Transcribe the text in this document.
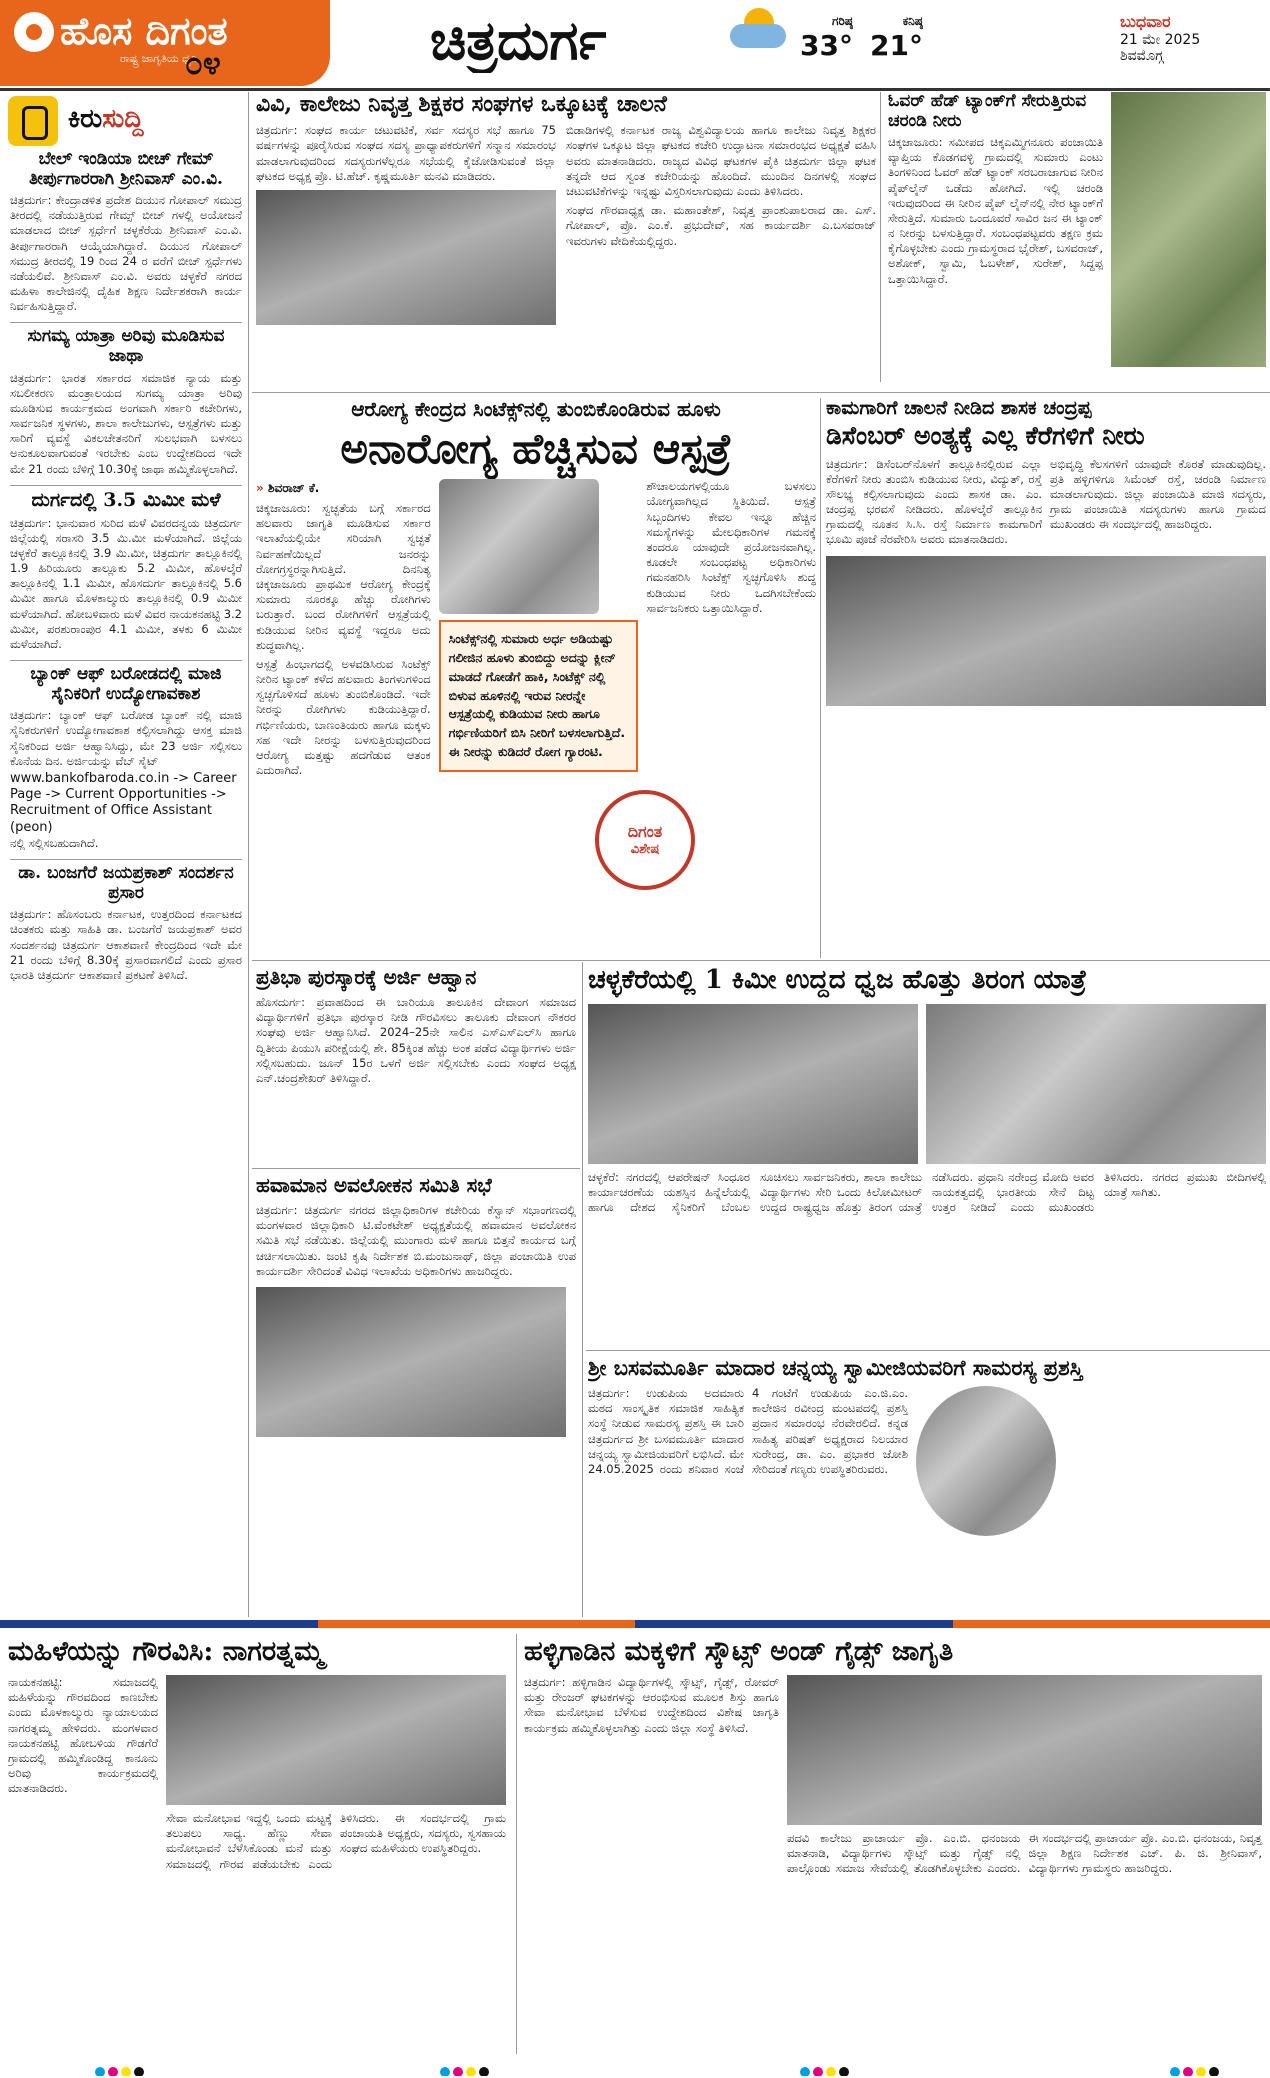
ಹೊಸ ದಿಗಂತ
ರಾಷ್ಟ್ರ ಜಾಗೃತಿಯ ಧ್ವನಿ
೦೪	ಚಿತ್ರದುರ್ಗ	ಗರಿಷ್ಠ
33°
ಕನಿಷ್ಠ
21°
ಬುಧವಾರ
21 ಮೇ 2025
ಶಿವಮೊಗ್ಗ
ಕಿರುಸುದ್ದಿ
ಬೇಲ್ ಇಂಡಿಯಾ ಬೀಚ್ ಗೇಮ್ ತೀರ್ಪುಗಾರರಾಗಿ ಶ್ರೀನಿವಾಸ್ ಎಂ.ವಿ.
ಚಿತ್ರದುರ್ಗ: ಕೇಂದ್ರಾಡಳಿತ ಪ್ರದೇಶ ದಿಯುನ ಗೋಪಾಲ್ ಸಮುದ್ರ ತೀರದಲ್ಲಿ ನಡೆಯುತ್ತಿರುವ ಗೇಮ್ಸ್ ಬೀಚ್ ಗಳಲ್ಲಿ ಅಯೋಜನೆ ಮಾಡಲಾದ ಬೀಚ್ ಸ್ಪರ್ಧೆಗೆ ಚಳ್ಳಕೆರೆಯ ಶ್ರೀನಿವಾಸ್ ಎಂ.ವಿ. ತೀರ್ಪುಗಾರರಾಗಿ ಆಯ್ಕೆಯಾಗಿದ್ದಾರೆ. ದಿಯುನ ಗೋಪಾಲ್ ಸಮುದ್ರ ತೀರದಲ್ಲಿ 19 ರಿಂದ 24 ರ ವರೆಗೆ ಬೀಚ್ ಸ್ಪರ್ಧೆಗಳು ನಡೆಯಲಿವೆ. ಶ್ರೀನಿವಾಸ್ ಎಂ.ವಿ. ಅವರು ಚಳ್ಳಕೆರೆ ನಗರದ ಮಹಿಳಾ ಕಾಲೇಜಿನಲ್ಲಿ ದೈಹಿಕ ಶಿಕ್ಷಣ ನಿರ್ದೇಶಕರಾಗಿ ಕಾರ್ಯ ನಿರ್ವಹಿಸುತ್ತಿದ್ದಾರೆ.
ಸುಗಮ್ಯ ಯಾತ್ರಾ ಅರಿವು ಮೂಡಿಸುವ ಜಾಥಾ
ಚಿತ್ರದುರ್ಗ: ಭಾರತ ಸರ್ಕಾರದ ಸಮಾಜಿಕ ನ್ಯಾಯ ಮತ್ತು ಸಬಲೀಕರಣ ಮಂತ್ರಾಲಯದ ಸುಗಮ್ಯ ಯಾತ್ರಾ ಅರಿವು ಮೂಡಿಸುವ ಕಾರ್ಯಕ್ರಮದ ಅಂಗವಾಗಿ ಸರ್ಕಾರಿ ಕಚೇರಿಗಳು, ಸಾರ್ವಜನಿಕ ಸ್ಥಳಗಳು, ಶಾಲಾ ಕಾಲೇಜುಗಳು, ಆಸ್ಪತ್ರೆಗಳು ಮತ್ತು ಸಾರಿಗೆ ವ್ಯವಸ್ಥೆ ವಿಕಲಚೇತನರಿಗೆ ಸುಲಭವಾಗಿ ಬಳಸಲು ಅನುಕೂಲವಾಗುವಂತೆ ಇರಬೇಕು ಎಂಬ ಉದ್ದೇಶದಿಂದ ಇದೇ ಮೇ 21 ರಂದು ಬೆಳಿಗ್ಗೆ 10.30ಕ್ಕೆ ಜಾಥಾ ಹಮ್ಮಿಕೊಳ್ಳಲಾಗಿದೆ.
ದುರ್ಗದಲ್ಲಿ 3.5 ಮಿಮೀ ಮಳೆ
ಚಿತ್ರದುರ್ಗ: ಭಾನುವಾರ ಸುರಿದ ಮಳೆ ವಿವರದನ್ವಯ ಚಿತ್ರದುರ್ಗ ಜಿಲ್ಲೆಯಲ್ಲಿ ಸರಾಸರಿ 3.5 ಮಿ.ಮೀ ಮಳೆಯಾಗಿದೆ. ಜಿಲ್ಲೆಯ ಚಳ್ಳಕೆರೆ ತಾಲ್ಲೂಕಿನಲ್ಲಿ 3.9 ಮಿ.ಮೀ, ಚಿತ್ರದುರ್ಗ ತಾಲ್ಲೂಕಿನಲ್ಲಿ 1.9 ಹಿರಿಯೂರು ತಾಲ್ಲೂಕು 5.2 ಮಿಮೀ, ಹೊಳಲ್ಕೆರೆ ತಾಲ್ಲೂಕಿನಲ್ಲಿ 1.1 ಮಿಮೀ, ಹೊಸದುರ್ಗ ತಾಲ್ಲೂಕಿನಲ್ಲಿ 5.6 ಮಿಮೀ ಹಾಗೂ ಮೊಳಕಾಲ್ಮುರು ತಾಲ್ಲೂಕಿನಲ್ಲಿ 0.9 ಮಿಮೀ ಮಳೆಯಾಗಿದೆ. ಹೋಬಳಿವಾರು ಮಳೆ ವಿವರ ನಾಯಕನಹಟ್ಟಿ 3.2 ಮಿಮೀ, ಪರಶುರಾಂಪುರ 4.1 ಮಿಮೀ, ತಳಕು 6 ಮಿಮೀ ಮಳೆಯಾಗಿದೆ.
ಬ್ಯಾಂಕ್ ಆಫ್ ಬರೋಡದಲ್ಲಿ ಮಾಜಿ ಸೈನಿಕರಿಗೆ ಉದ್ಯೋಗಾವಕಾಶ
ಚಿತ್ರದುರ್ಗ: ಬ್ಯಾಂಕ್ ಆಫ್ ಬರೋಡ ಬ್ಯಾಂಕ್ ನಲ್ಲಿ ಮಾಜಿ ಸೈನಿಕರುಗಳಿಗೆ ಉದ್ಯೋಗಾವಕಾಶ ಕಲ್ಪಿಸಲಾಗಿದ್ದು ಆಸಕ್ತ ಮಾಜಿ ಸೈನಿಕರಿಂದ ಅರ್ಜಿ ಆಹ್ವಾನಿಸಿದ್ದು, ಮೇ 23 ಅರ್ಜಿ ಸಲ್ಲಿಸಲು ಕೊನೆಯ ದಿನ. ಅರ್ಜಿಯನ್ನು ವೆಬ್ ಸೈಟ್
www.bankofbaroda.co.in -> Career Page -> Current Opportunities -> Recruitment of Office Assistant (peon)
ನಲ್ಲಿ ಸಲ್ಲಿಸಬಹುದಾಗಿದೆ.
ಡಾ. ಬಂಜಗೆರೆ ಜಯಪ್ರಕಾಶ್ ಸಂದರ್ಶನ ಪ್ರಸಾರ
ಚಿತ್ರದುರ್ಗ: ಹೊಸಂಬರು ಕರ್ನಾಟಕ, ಉತ್ತರದಿಂದ ಕರ್ನಾಟಕದ ಚಿಂತಕರು ಮತ್ತು ಸಾಹಿತಿ ಡಾ. ಬಂಜಗೆರೆ ಜಯಪ್ರಕಾಶ್ ಅವರ ಸಂದರ್ಶನವು ಚಿತ್ರದುರ್ಗ ಆಕಾಶವಾಣಿ ಕೇಂದ್ರದಿಂದ ಇದೇ ಮೇ 21 ರಂದು ಬೆಳಿಗ್ಗೆ 8.30ಕ್ಕೆ ಪ್ರಸಾರವಾಗಲಿದೆ ಎಂದು ಪ್ರಸಾರ ಭಾರತಿ ಚಿತ್ರದುರ್ಗ ಆಕಾಶವಾಣಿ ಪ್ರಕಟಣೆ ತಿಳಿಸಿದೆ.
ವಿವಿ, ಕಾಲೇಜು ನಿವೃತ್ತ ಶಿಕ್ಷಕರ ಸಂಘಗಳ ಒಕ್ಕೂಟಕ್ಕೆ ಚಾಲನೆ
ಚಿತ್ರದುರ್ಗ: ಸಂಘದ ಕಾರ್ಯ ಚಟುವಟಿಕೆ, ಸರ್ವ ಸದಸ್ಯರ ಸಭೆ ಹಾಗೂ 75 ವರ್ಷಗಳನ್ನು ಪೂರೈಸಿರುವ ಸಂಘದ ಸದಸ್ಯ ಪ್ರಾಧ್ಯಾಪಕರುಗಳಿಗೆ ಸನ್ಮಾನ ಸಮಾರಂಭ ಮಾಡಲಾಗುವುದರಿಂದ ಸದಸ್ಯರುಗಳೆಲ್ಲರೂ ಸಭೆಯಲ್ಲಿ ಕೈಜೋಡಿಸುವಂತೆ ಜಿಲ್ಲಾ ಘಟಕದ ಅಧ್ಯಕ್ಷ ಪ್ರೊ. ಟಿ.ಹೆಚ್. ಕೃಷ್ಣಮೂರ್ತಿ ಮನವಿ ಮಾಡಿದರು.
ಬಿಡಾಡಿಗಳಲ್ಲಿ ಕರ್ನಾಟಕ ರಾಜ್ಯ ವಿಶ್ವವಿದ್ಯಾಲಯ ಹಾಗೂ ಕಾಲೇಜು ನಿವೃತ್ತ ಶಿಕ್ಷಕರ ಸಂಘಗಳ ಒಕ್ಕೂಟ ಜಿಲ್ಲಾ ಘಟಕದ ಕಚೇರಿ ಉದ್ಘಾಟನಾ ಸಮಾರಂಭದ ಅಧ್ಯಕ್ಷತೆ ವಹಿಸಿ ಅವರು ಮಾತನಾಡಿದರು. ರಾಜ್ಯದ ವಿವಿಧ ಘಟಕಗಳ ಪೈಕಿ ಚಿತ್ರದುರ್ಗ ಜಿಲ್ಲಾ ಘಟಕ ತನ್ನದೇ ಆದ ಸ್ವಂತ ಕಚೇರಿಯನ್ನು ಹೊಂದಿದೆ. ಮುಂದಿನ ದಿನಗಳಲ್ಲಿ ಸಂಘದ ಚಟುವಟಿಕೆಗಳನ್ನು ಇನ್ನಷ್ಟು ವಿಸ್ತರಿಸಲಾಗುವುದು ಎಂದು ತಿಳಿಸಿದರು.
ಸಂಘದ ಗೌರವಾಧ್ಯಕ್ಷ ಡಾ. ಮಹಾಂತೇಶ್, ನಿವೃತ್ತ ಪ್ರಾಂಶುಪಾಲರಾದ ಡಾ. ಎಸ್. ಗೋಪಾಲ್, ಪ್ರೊ. ಎಂ.ಕೆ. ಪ್ರಭುದೇವ್, ಸಹ ಕಾರ್ಯದರ್ಶಿ ಎ.ಬಸವರಾಜ್ ಇವರುಗಳು ವೇದಿಕೆಯಲ್ಲಿದ್ದರು.
ಓವರ್ ಹೆಡ್ ಟ್ಯಾಂಕ್‌ಗೆ ಸೇರುತ್ತಿರುವ ಚರಂಡಿ ನೀರು
ಚಿಕ್ಕಜಾಜೂರು: ಸಮೀಪದ ಚಿಕ್ಕಎಮ್ಮಿಗನೂರು ಪಂಚಾಯಿತಿ ವ್ಯಾಪ್ತಿಯ ಕೊಡಗವಳ್ಳಿ ಗ್ರಾಮದಲ್ಲಿ ಸುಮಾರು ಎಂಟು ತಿಂಗಳಿನಿಂದ ಓವರ್ ಹೆಡ್ ಟ್ಯಾಂಕ್ ಸರಬರಾಜಾಗುವ ನೀರಿನ ಪೈಪ್‌ಲೈನ್ ಒಡೆದು ಹೋಗಿದೆ. ಇಲ್ಲಿ ಚರಂಡಿ ಇರುವುದರಿಂದ ಈ ನೀರಿನ ಪೈಪ್ ಲೈನ್‌ನಲ್ಲಿ ನೇರ ಟ್ಯಾಂಕ್‌ಗೆ ಸೇರುತ್ತಿದೆ. ಸುಮಾರು ಒಂದೂವರೆ ಸಾವಿರ ಜನ ಈ ಟ್ಯಾಂಕ್ ನ ನೀರನ್ನು ಬಳಸುತ್ತಿದ್ದಾರೆ. ಸಂಬಂಧಪಟ್ಟವರು ತಕ್ಷಣ ಕ್ರಮ ಕೈಗೊಳ್ಳಬೇಕು ಎಂದು ಗ್ರಾಮಸ್ಥರಾದ ಭೈರೇಶ್, ಬಸವರಾಜ್, ಅಶೋಕ್, ಸ್ವಾಮಿ, ಓಬಳೇಶ್, ಸುರೇಶ್, ಸಿದ್ದಪ್ಪ ಒತ್ತಾಯಿಸಿದ್ದಾರೆ.
ಆರೋಗ್ಯ ಕೇಂದ್ರದ ಸಿಂಟೆಕ್ಸ್‌ನಲ್ಲಿ ತುಂಬಿಕೊಂಡಿರುವ ಹೂಳು
ಅನಾರೋಗ್ಯ ಹೆಚ್ಚಿಸುವ ಆಸ್ಪತ್ರೆ
» ಶಿವರಾಜ್ ಕೆ.
ಚಿಕ್ಕಜಾಜೂರು: ಸ್ವಚ್ಛತೆಯ ಬಗ್ಗೆ ಸರ್ಕಾರದ ಹಲವಾರು ಜಾಗೃತಿ ಮೂಡಿಸುವ ಸರ್ಕಾರ ಇಲಾಖೆಯಲ್ಲಿಯೇ ಸರಿಯಾಗಿ ಸ್ವಚ್ಛತೆ ನಿರ್ವಹಣೆಯಿಲ್ಲದೆ ಜನರನ್ನು ರೋಗಗ್ರಸ್ಥರನ್ನಾಗಿಸುತ್ತಿದೆ. ದಿನನಿತ್ಯ ಚಿಕ್ಕಜಾಜೂರು ಪ್ರಾಥಮಿಕ ಆರೋಗ್ಯ ಕೇಂದ್ರಕ್ಕೆ ಸುಮಾರು ನೂರಕ್ಕೂ ಹೆಚ್ಚು ರೋಗಿಗಳು ಬರುತ್ತಾರೆ. ಬಂದ ರೋಗಿಗಳಿಗೆ ಆಸ್ಪತ್ರೆಯಲ್ಲಿ ಕುಡಿಯುವ ನೀರಿನ ವ್ಯವಸ್ಥೆ ಇದ್ದರೂ ಅದು ಶುದ್ಧವಾಗಿಲ್ಲ.
ಆಸ್ಪತ್ರೆ ಹಿಂಭಾಗದಲ್ಲಿ ಅಳವಡಿಸಿರುವ ಸಿಂಟೆಕ್ಸ್ ನೀರಿನ ಟ್ಯಾಂಕ್ ಕಳೆದ ಹಲವಾರು ತಿಂಗಳುಗಳಿಂದ ಸ್ವಚ್ಛಗೊಳಿಸದೆ ಹೂಳು ತುಂಬಿಕೊಂಡಿದೆ. ಇದೇ ನೀರನ್ನು ರೋಗಿಗಳು ಕುಡಿಯುತ್ತಿದ್ದಾರೆ. ಗರ್ಭಿಣಿಯರು, ಬಾಣಂತಿಯರು ಹಾಗೂ ಮಕ್ಕಳು ಸಹ ಇದೇ ನೀರನ್ನು ಬಳಸುತ್ತಿರುವುದರಿಂದ ಆರೋಗ್ಯ ಮತ್ತಷ್ಟು ಹದಗೆಡುವ ಆತಂಕ ಎದುರಾಗಿದೆ.
ಸಿಂಟೆಕ್ಸ್‌ನಲ್ಲಿ ಸುಮಾರು ಅರ್ಧ ಅಡಿಯಷ್ಟು ಗಲೀಜಿನ ಹೂಳು ತುಂಬಿದ್ದು ಅದನ್ನು ಕ್ಲೀನ್ ಮಾಡದೆ ಗೋಡೆಗೆ ಹಾಕಿ, ಸಿಂಟೆಕ್ಸ್ ನಲ್ಲಿ ಬಿಳುವ ಹೂಳಿನಲ್ಲಿ ಇರುವ ನೀರನ್ನೇ ಆಸ್ಪತ್ರೆಯಲ್ಲಿ ಕುಡಿಯುವ ನೀರು ಹಾಗೂ ಗರ್ಭಿಣಿಯರಿಗೆ ಬಿಸಿ ನೀರಿಗೆ ಬಳಸಲಾಗುತ್ತಿದೆ. ಈ ನೀರನ್ನು ಕುಡಿದರೆ ರೋಗ ಗ್ಯಾರಂಟಿ.
ಶೌಚಾಲಯಗಳಲ್ಲಿಯೂ ಬಳಸಲು ಯೋಗ್ಯವಾಗಿಲ್ಲದ ಸ್ಥಿತಿಯಿದೆ. ಆಸ್ಪತ್ರೆ ಸಿಬ್ಬಂದಿಗಳು ಕೇವಲ ಇನ್ನೂ ಹೆಚ್ಚಿನ ಸಮಸ್ಯೆಗಳನ್ನು ಮೇಲಧಿಕಾರಿಗಳ ಗಮನಕ್ಕೆ ತಂದರೂ ಯಾವುದೇ ಪ್ರಯೋಜನವಾಗಿಲ್ಲ. ಕೂಡಲೇ ಸಂಬಂಧಪಟ್ಟ ಅಧಿಕಾರಿಗಳು ಗಮನಹರಿಸಿ ಸಿಂಟೆಕ್ಸ್ ಸ್ವಚ್ಛಗೊಳಿಸಿ ಶುದ್ಧ ಕುಡಿಯುವ ನೀರು ಒದಗಿಸಬೇಕೆಂದು ಸಾರ್ವಜನಿಕರು ಒತ್ತಾಯಿಸಿದ್ದಾರೆ.
ದಿಗಂತ
ವಿಶೇಷ
ಕಾಮಗಾರಿಗೆ ಚಾಲನೆ ನೀಡಿದ ಶಾಸಕ ಚಂದ್ರಪ್ಪ
ಡಿಸೆಂಬರ್ ಅಂತ್ಯಕ್ಕೆ ಎಲ್ಲ ಕೆರೆಗಳಿಗೆ ನೀರು
ಚಿತ್ರದುರ್ಗ: ಡಿಸೆಂಬರ್‌ನೊಳಗೆ ತಾಲ್ಲೂಕಿನಲ್ಲಿರುವ ಎಲ್ಲಾ ಕೆರೆಗಳಿಗೆ ನೀರು ತುಂಬಿಸಿ ಕುಡಿಯುವ ನೀರು, ವಿದ್ಯುತ್, ರಸ್ತೆ ಸೌಲಭ್ಯ ಕಲ್ಪಿಸಲಾಗುವುದು ಎಂದು ಶಾಸಕ ಡಾ. ಎಂ. ಚಂದ್ರಪ್ಪ ಭರವಸೆ ನೀಡಿದರು. ಹೊಳಲ್ಕೆರೆ ತಾಲ್ಲೂಕಿನ ಗ್ರಾಮದಲ್ಲಿ ನೂತನ ಸಿ.ಸಿ. ರಸ್ತೆ ನಿರ್ಮಾಣ ಕಾಮಗಾರಿಗೆ ಭೂಮಿ ಪೂಜೆ ನೆರವೇರಿಸಿ ಅವರು ಮಾತನಾಡಿದರು.
ಅಭಿವೃದ್ಧಿ ಕೆಲಸಗಳಿಗೆ ಯಾವುದೇ ಕೊರತೆ ಮಾಡುವುದಿಲ್ಲ. ಪ್ರತಿ ಹಳ್ಳಿಗಳಿಗೂ ಸಿಮೆಂಟ್ ರಸ್ತೆ, ಚರಂಡಿ ನಿರ್ಮಾಣ ಮಾಡಲಾಗುವುದು. ಜಿಲ್ಲಾ ಪಂಚಾಯಿತಿ ಮಾಜಿ ಸದಸ್ಯರು, ಗ್ರಾಮ ಪಂಚಾಯಿತಿ ಸದಸ್ಯರುಗಳು ಹಾಗೂ ಗ್ರಾಮದ ಮುಖಂಡರು ಈ ಸಂದರ್ಭದಲ್ಲಿ ಹಾಜರಿದ್ದರು.
ಪ್ರತಿಭಾ ಪುರಸ್ಕಾರಕ್ಕೆ ಅರ್ಜಿ ಆಹ್ವಾನ
ಹೊಸದುರ್ಗ: ಪ್ರವಾಹದಿಂದ ಈ ಬಾರಿಯೂ ತಾಲೂಕಿನ ದೇವಾಂಗ ಸಮಾಜದ ವಿದ್ಯಾರ್ಥಿಗಳಿಗೆ ಪ್ರತಿಭಾ ಪುರಸ್ಕಾರ ನೀಡಿ ಗೌರವಿಸಲು ತಾಲೂಕು ದೇವಾಂಗ ನೌಕರರ ಸಂಘವು ಅರ್ಜಿ ಆಹ್ವಾನಿಸಿದೆ. 2024–25ನೇ ಸಾಲಿನ ಎಸ್ಎಸ್ಎಲ್‌ಸಿ ಹಾಗೂ ದ್ವಿತೀಯ ಪಿಯುಸಿ ಪರೀಕ್ಷೆಯಲ್ಲಿ ಶೇ. 85ಕ್ಕಿಂತ ಹೆಚ್ಚು ಅಂಕ ಪಡೆದ ವಿದ್ಯಾರ್ಥಿಗಳು ಅರ್ಜಿ ಸಲ್ಲಿಸಬಹುದು. ಜೂನ್ 15ರ ಒಳಗೆ ಅರ್ಜಿ ಸಲ್ಲಿಸಬೇಕು ಎಂದು ಸಂಘದ ಅಧ್ಯಕ್ಷ ಎನ್.ಚಂದ್ರಶೇಖರ್ ತಿಳಿಸಿದ್ದಾರೆ.
ಹವಾಮಾನ ಅವಲೋಕನ ಸಮಿತಿ ಸಭೆ
ಚಿತ್ರದುರ್ಗ: ಚಿತ್ರದುರ್ಗ ನಗರದ ಜಿಲ್ಲಾಧಿಕಾರಿಗಳ ಕಚೇರಿಯ ಕೆಸ್ವಾನ್ ಸಭಾಂಗಣದಲ್ಲಿ ಮಂಗಳವಾರ ಜಿಲ್ಲಾಧಿಕಾರಿ ಟಿ.ವೆಂಕಟೇಶ್ ಅಧ್ಯಕ್ಷತೆಯಲ್ಲಿ ಹವಾಮಾನ ಅವಲೋಕನ ಸಮಿತಿ ಸಭೆ ನಡೆಯಿತು. ಜಿಲ್ಲೆಯಲ್ಲಿ ಮುಂಗಾರು ಮಳೆ ಹಾಗೂ ಬಿತ್ತನೆ ಕಾರ್ಯದ ಬಗ್ಗೆ ಚರ್ಚಿಸಲಾಯಿತು. ಜಂಟಿ ಕೃಷಿ ನಿರ್ದೇಶಕ ಬಿ.ಮಂಜುನಾಥ್, ಜಿಲ್ಲಾ ಪಂಚಾಯಿತಿ ಉಪ ಕಾರ್ಯದರ್ಶಿ ಸೇರಿದಂತೆ ವಿವಿಧ ಇಲಾಖೆಯ ಅಧಿಕಾರಿಗಳು ಹಾಜರಿದ್ದರು.
ಚಳ್ಳಕೆರೆಯಲ್ಲಿ 1 ಕಿಮೀ ಉದ್ದದ ಧ್ವಜ ಹೊತ್ತು ತಿರಂಗ ಯಾತ್ರೆ
ಚಳ್ಳಕೆರೆ: ನಗರದಲ್ಲಿ ಆಪರೇಷನ್ ಸಿಂಧೂರ ಕಾರ್ಯಾಚರಣೆಯ ಯಶಸ್ಸಿನ ಹಿನ್ನೆಲೆಯಲ್ಲಿ ಹಾಗೂ ದೇಶದ ಸೈನಿಕರಿಗೆ ಬೆಂಬಲ ಸೂಚಿಸಲು ಸಾರ್ವಜನಿಕರು, ಶಾಲಾ ಕಾಲೇಜು ವಿದ್ಯಾರ್ಥಿಗಳು ಸೇರಿ ಒಂದು ಕಿಲೋಮೀಟರ್ ಉದ್ದದ ರಾಷ್ಟ್ರಧ್ವಜ ಹೊತ್ತು ತಿರಂಗ ಯಾತ್ರೆ ನಡೆಸಿದರು. ಪ್ರಧಾನಿ ನರೇಂದ್ರ ಮೋದಿ ಅವರ ನಾಯಕತ್ವದಲ್ಲಿ ಭಾರತೀಯ ಸೇನೆ ದಿಟ್ಟ ಉತ್ತರ ನೀಡಿದೆ ಎಂದು ಮುಖಂಡರು ತಿಳಿಸಿದರು. ನಗರದ ಪ್ರಮುಖ ಬೀದಿಗಳಲ್ಲಿ ಯಾತ್ರೆ ಸಾಗಿತು.
ಶ್ರೀ ಬಸವಮೂರ್ತಿ ಮಾದಾರ ಚನ್ನಯ್ಯ ಸ್ವಾಮೀಜಿಯವರಿಗೆ ಸಾಮರಸ್ಯ ಪ್ರಶಸ್ತಿ
ಚಿತ್ರದುರ್ಗ: ಉಡುಪಿಯ ಅದಮಾರು ಮಠದ ಸಾಂಸ್ಕೃತಿಕ ಸಮಾಜಿಕ ಸಾಹಿತ್ಯಿಕ ಸಂಸ್ಥೆ ನೀಡುವ ಸಾಮರಸ್ಯ ಪ್ರಶಸ್ತಿ ಈ ಬಾರಿ ಚಿತ್ರದುರ್ಗದ ಶ್ರೀ ಬಸವಮೂರ್ತಿ ಮಾದಾರ ಚನ್ನಯ್ಯ ಸ್ವಾಮೀಜಿಯವರಿಗೆ ಲಭಿಸಿದೆ. ಮೇ 24.05.2025 ರಂದು ಶನಿವಾರ ಸಂಜೆ 4 ಗಂಟೆಗೆ ಉಡುಪಿಯ ಎಂ.ಜಿ.ಎಂ. ಕಾಲೇಜಿನ ರವೀಂದ್ರ ಮಂಟಪದಲ್ಲಿ ಪ್ರಶಸ್ತಿ ಪ್ರದಾನ ಸಮಾರಂಭ ನೆರವೇರಲಿದೆ. ಕನ್ನಡ ಸಾಹಿತ್ಯ ಪರಿಷತ್ ಅಧ್ಯಕ್ಷರಾದ ನಿಲಯಾರ ಸುರೇಂದ್ರ, ಡಾ. ಎಂ. ಪ್ರಭಾಕರ ಜೋಶಿ ಸೇರಿದಂತೆ ಗಣ್ಯರು ಉಪಸ್ಥಿತರಿರುವರು.
ಮಹಿಳೆಯನ್ನು ಗೌರವಿಸಿ: ನಾಗರತ್ನಮ್ಮ
ನಾಯಕನಹಟ್ಟಿ: ಸಮಾಜದಲ್ಲಿ ಮಹಿಳೆಯನ್ನು ಗೌರವದಿಂದ ಕಾಣಬೇಕು ಎಂದು ಮೊಳಕಾಲ್ಮುರು ನ್ಯಾಯಾಲಯದ ನಾಗರತ್ನಮ್ಮ ಹೇಳಿದರು. ಮಂಗಳವಾರ ನಾಯಕನಹಟ್ಟಿ ಹೋಬಳಿಯ ಗೌಡಗೆರೆ ಗ್ರಾಮದಲ್ಲಿ ಹಮ್ಮಿಕೊಂಡಿದ್ದ ಕಾನೂನು ಅರಿವು ಕಾರ್ಯಕ್ರಮದಲ್ಲಿ ಮಾತನಾಡಿದರು.
ಸೇವಾ ಮನೋಭಾವ ಇದ್ದಲ್ಲಿ ಒಂದು ಮಟ್ಟಕ್ಕೆ ತಲುಪಲು ಸಾಧ್ಯ. ಹೆಣ್ಣು ಸೇವಾ ಮನೋಭಾವನೆ ಬೆಳೆಸಿಕೊಂಡು ಮನೆ ಮತ್ತು ಸಮಾಜದಲ್ಲಿ ಗೌರವ ಪಡೆಯಬೇಕು ಎಂದು ತಿಳಿಸಿದರು. ಈ ಸಂದರ್ಭದಲ್ಲಿ ಗ್ರಾಮ ಪಂಚಾಯತಿ ಅಧ್ಯಕ್ಷರು, ಸದಸ್ಯರು, ಸ್ವಸಹಾಯ ಸಂಘದ ಮಹಿಳೆಯರು ಉಪಸ್ಥಿತರಿದ್ದರು.
ಹಳ್ಳಿಗಾಡಿನ ಮಕ್ಕಳಿಗೆ ಸ್ಕೌಟ್ಸ್ ಅಂಡ್ ಗೈಡ್ಸ್ ಜಾಗೃತಿ
ಚಿತ್ರದುರ್ಗ: ಹಳ್ಳಿಗಾಡಿನ ವಿದ್ಯಾರ್ಥಿಗಳಲ್ಲಿ ಸ್ಕೌಟ್ಸ್, ಗೈಡ್ಸ್, ರೋವರ್ ಮತ್ತು ರೇಂಜರ್ ಘಟಕಗಳನ್ನು ಆರಂಭಿಸುವ ಮೂಲಕ ಶಿಸ್ತು ಹಾಗೂ ಸೇವಾ ಮನೋಭಾವ ಬೆಳೆಸುವ ಉದ್ದೇಶದಿಂದ ವಿಶೇಷ ಜಾಗೃತಿ ಕಾರ್ಯಕ್ರಮ ಹಮ್ಮಿಕೊಳ್ಳಲಾಗಿತ್ತು ಎಂದು ಜಿಲ್ಲಾ ಸಂಸ್ಥೆ ತಿಳಿಸಿದೆ.
ಪದವಿ ಕಾಲೇಜು ಪ್ರಾಚಾರ್ಯ ಪ್ರೊ. ಎಂ.ಬಿ. ಧನಂಜಯ ಮಾತನಾಡಿ, ವಿದ್ಯಾರ್ಥಿಗಳು ಸ್ಕೌಟ್ಸ್ ಮತ್ತು ಗೈಡ್ಸ್ ನಲ್ಲಿ ಪಾಲ್ಗೊಂಡು ಸಮಾಜ ಸೇವೆಯಲ್ಲಿ ತೊಡಗಿಕೊಳ್ಳಬೇಕು ಎಂದರು. ಈ ಸಂದರ್ಭದಲ್ಲಿ ಪ್ರಾಚಾರ್ಯ ಪ್ರೊ. ಎಂ.ಬಿ. ಧನಂಜಯ, ನಿವೃತ್ತ ಜಿಲ್ಲಾ ಶಿಕ್ಷಣ ನಿರ್ದೇಶಕ ಎಚ್. ಪಿ. ಜಿ. ಶ್ರೀನಿವಾಸ್, ವಿದ್ಯಾರ್ಥಿಗಳು ಗ್ರಾಮಸ್ಥರು ಹಾಜರಿದ್ದರು.
